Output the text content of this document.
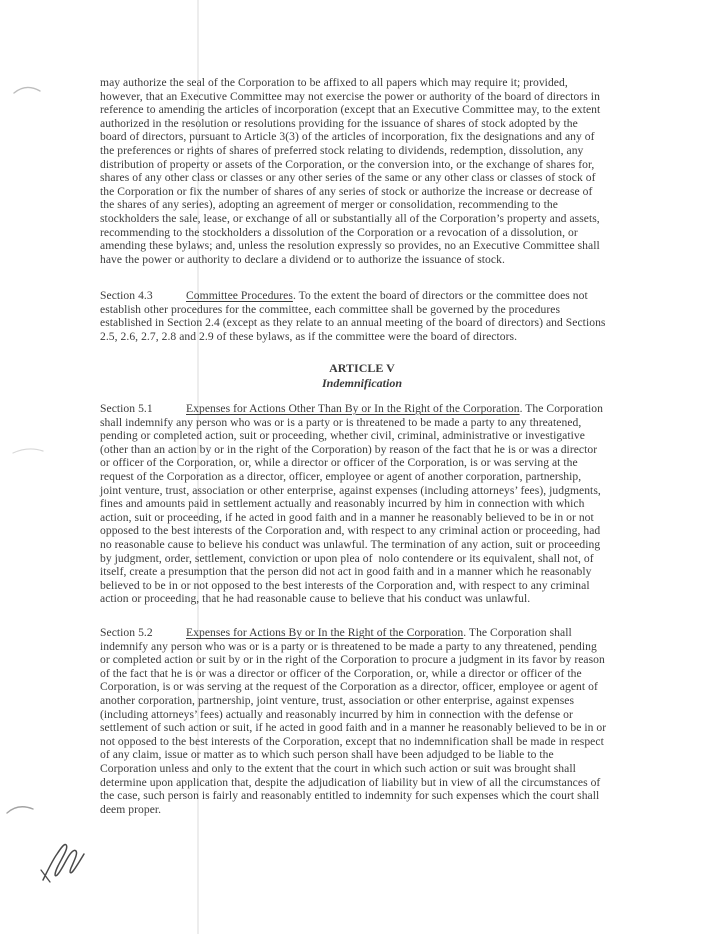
may authorize the seal of the Corporation to be affixed to all papers which may require it; provided,
however, that an Executive Committee may not exercise the power or authority of the board of directors in
reference to amending the articles of incorporation (except that an Executive Committee may, to the extent
authorized in the resolution or resolutions providing for the issuance of shares of stock adopted by the
board of directors, pursuant to Article 3(3) of the articles of incorporation, fix the designations and any of
the preferences or rights of shares of preferred stock relating to dividends, redemption, dissolution, any
distribution of property or assets of the Corporation, or the conversion into, or the exchange of shares for,
shares of any other class or classes or any other series of the same or any other class or classes of stock of
the Corporation or fix the number of shares of any series of stock or authorize the increase or decrease of
the shares of any series), adopting an agreement of merger or consolidation, recommending to the
stockholders the sale, lease, or exchange of all or substantially all of the Corporation’s property and assets,
recommending to the stockholders a dissolution of the Corporation or a revocation of a dissolution, or
amending these bylaws; and, unless the resolution expressly so provides, no an Executive Committee shall
have the power or authority to declare a dividend or to authorize the issuance of stock.
Section 4.3	Committee Procedures . To the extent the board of directors or the committee does not
establish other procedures for the committee, each committee shall be governed by the procedures
established in Section 2.4 (except as they relate to an annual meeting of the board of directors) and Sections
2.5, 2.6, 2.7, 2.8 and 2.9 of these bylaws, as if the committee were the board of directors.
ARTICLE V
Indemnification
Section 5.1	Expenses for Actions Other Than By or In the Right of the Corporation . The Corporation
shall indemnify any person who was or is a party or is threatened to be made a party to any threatened,
pending or completed action, suit or proceeding, whether civil, criminal, administrative or investigative
(other than an action by or in the right of the Corporation) by reason of the fact that he is or was a director
or officer of the Corporation, or, while a director or officer of the Corporation, is or was serving at the
request of the Corporation as a director, officer, employee or agent of another corporation, partnership,
joint venture, trust, association or other enterprise, against expenses (including attorneys’ fees), judgments,
fines and amounts paid in settlement actually and reasonably incurred by him in connection with which
action, suit or proceeding, if he acted in good faith and in a manner he reasonably believed to be in or not
opposed to the best interests of the Corporation and, with respect to any criminal action or proceeding, had
no reasonable cause to believe his conduct was unlawful. The termination of any action, suit or proceeding
by judgment, order, settlement, conviction or upon plea of  nolo contendere or its equivalent, shall not, of
itself, create a presumption that the person did not act in good faith and in a manner which he reasonably
believed to be in or not opposed to the best interests of the Corporation and, with respect to any criminal
action or proceeding, that he had reasonable cause to believe that his conduct was unlawful.
Section 5.2	Expenses for Actions By or In the Right of the Corporation . The Corporation shall
indemnify any person who was or is a party or is threatened to be made a party to any threatened, pending
or completed action or suit by or in the right of the Corporation to procure a judgment in its favor by reason
of the fact that he is or was a director or officer of the Corporation, or, while a director or officer of the
Corporation, is or was serving at the request of the Corporation as a director, officer, employee or agent of
another corporation, partnership, joint venture, trust, association or other enterprise, against expenses
(including attorneys’ fees) actually and reasonably incurred by him in connection with the defense or
settlement of such action or suit, if he acted in good faith and in a manner he reasonably believed to be in or
not opposed to the best interests of the Corporation, except that no indemnification shall be made in respect
of any claim, issue or matter as to which such person shall have been adjudged to be liable to the
Corporation unless and only to the extent that the court in which such action or suit was brought shall
determine upon application that, despite the adjudication of liability but in view of all the circumstances of
the case, such person is fairly and reasonably entitled to indemnity for such expenses which the court shall
deem proper.
